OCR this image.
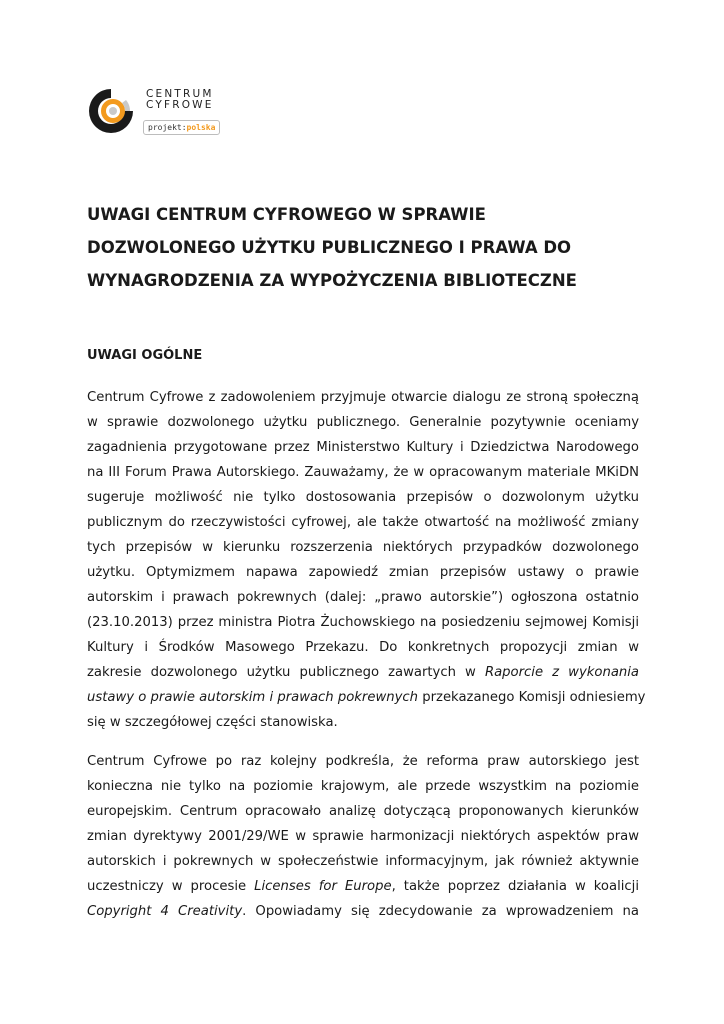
CENTRUM
CYFROWE
projekt:polska
UWAGI CENTRUM CYFROWEGO W SPRAWIE
DOZWOLONEGO UŻYTKU PUBLICZNEGO I PRAWA DO
WYNAGRODZENIA ZA WYPOŻYCZENIA BIBLIOTECZNE
UWAGI OGÓLNE

Centrum Cyfrowe z zadowoleniem przyjmuje otwarcie dialogu ze stroną społeczną
w sprawie dozwolonego użytku publicznego. Generalnie pozytywnie oceniamy
zagadnienia przygotowane przez Ministerstwo Kultury i Dziedzictwa Narodowego
na III Forum Prawa Autorskiego. Zauważamy, że w opracowanym materiale MKiDN
sugeruje możliwość nie tylko dostosowania przepisów o dozwolonym użytku
publicznym do rzeczywistości cyfrowej, ale także otwartość na możliwość zmiany
tych przepisów w kierunku rozszerzenia niektórych przypadków dozwolonego
użytku. Optymizmem napawa zapowiedź zmian przepisów ustawy o prawie
autorskim i prawach pokrewnych (dalej: „prawo autorskie”) ogłoszona ostatnio
(23.10.2013) przez ministra Piotra Żuchowskiego na posiedzeniu sejmowej Komisji
Kultury i Środków Masowego Przekazu. Do konkretnych propozycji zmian w
zakresie dozwolonego użytku publicznego zawartych w Raporcie z wykonania
ustawy o prawie autorskim i prawach pokrewnych przekazanego Komisji odniesiemy
się w szczegółowej części stanowiska.

Centrum Cyfrowe po raz kolejny podkreśla, że reforma praw autorskiego jest
konieczna nie tylko na poziomie krajowym, ale przede wszystkim na poziomie
europejskim. Centrum opracowało analizę dotyczącą proponowanych kierunków
zmian dyrektywy 2001/29/WE w sprawie harmonizacji niektórych aspektów praw
autorskich i pokrewnych w społeczeństwie informacyjnym, jak również aktywnie
uczestniczy w procesie Licenses for Europe, także poprzez działania w koalicji
Copyright 4 Creativity. Opowiadamy się zdecydowanie za wprowadzeniem na
